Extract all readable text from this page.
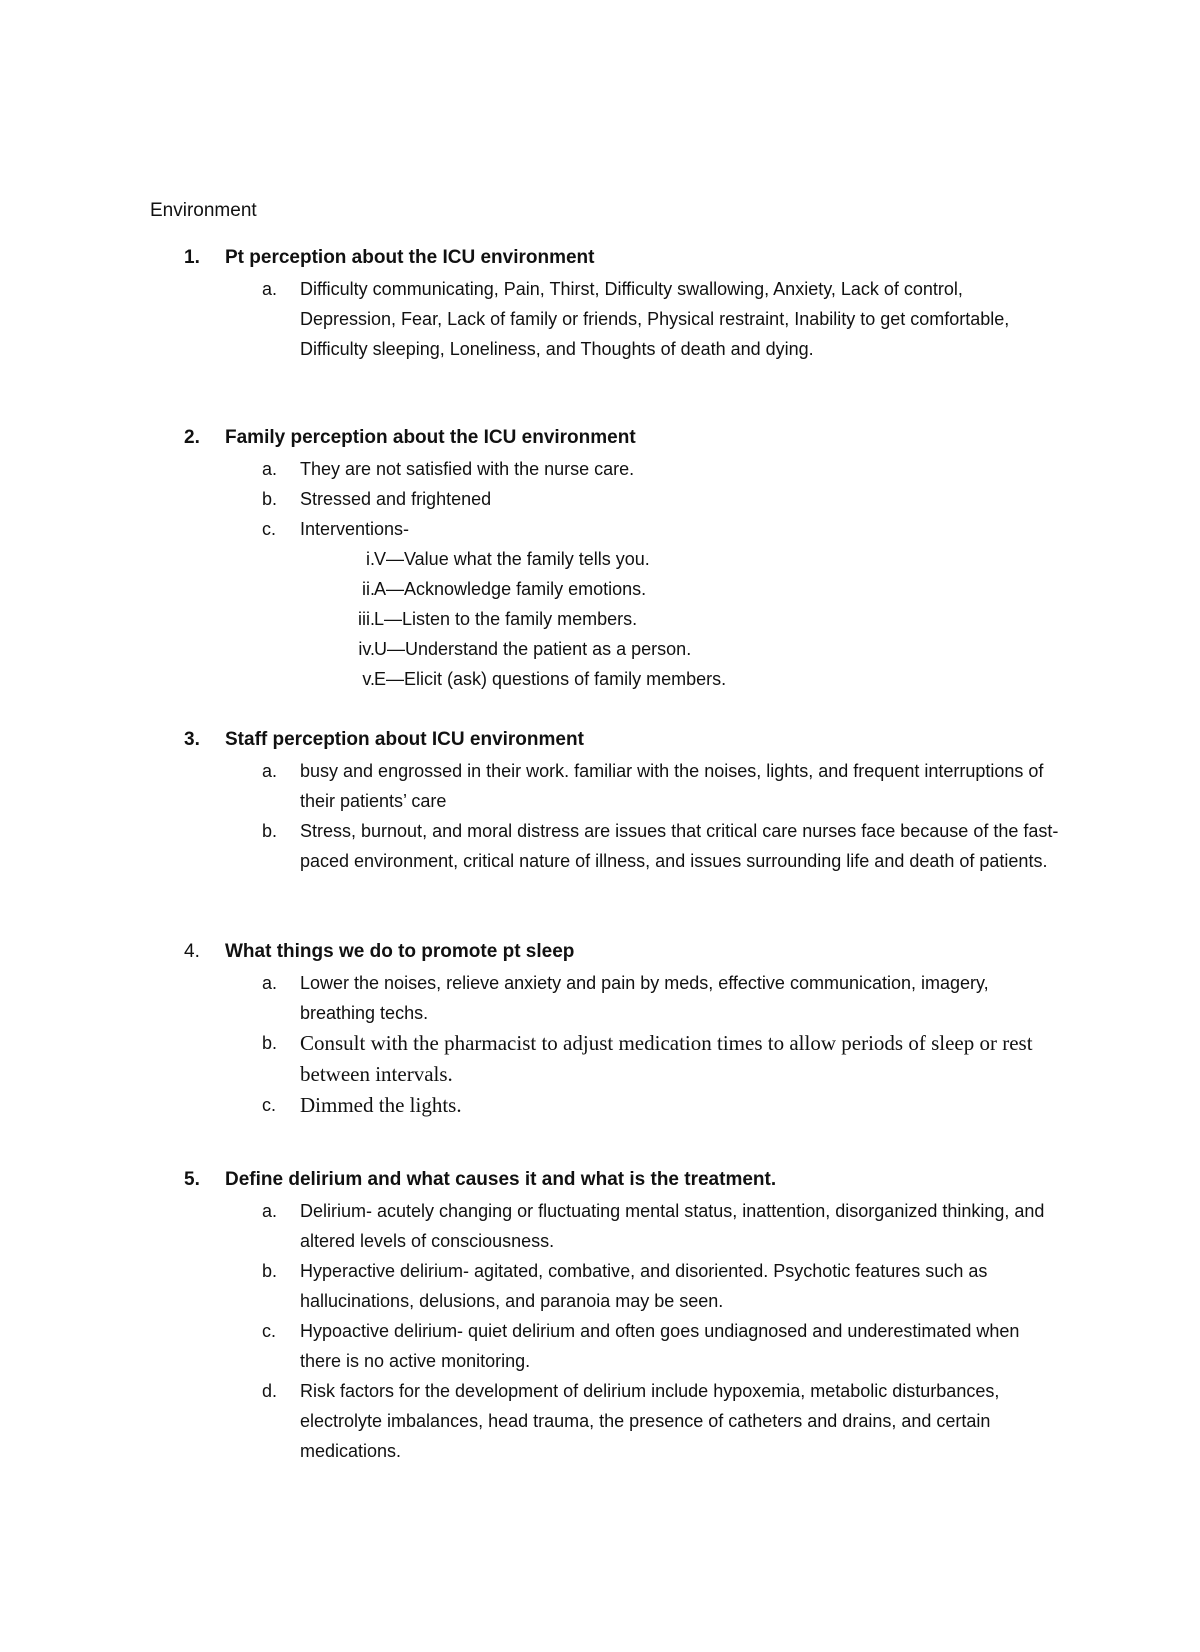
Environment
1. Pt perception about the ICU environment
a. Difficulty communicating, Pain, Thirst, Difficulty swallowing, Anxiety, Lack of control, Depression, Fear, Lack of family or friends, Physical restraint, Inability to get comfortable, Difficulty sleeping, Loneliness, and Thoughts of death and dying.
2. Family perception about the ICU environment
a. They are not satisfied with the nurse care.
b. Stressed and frightened
c. Interventions-
i. V—Value what the family tells you.
ii. A—Acknowledge family emotions.
iii. L—Listen to the family members.
iv. U—Understand the patient as a person.
v. E—Elicit (ask) questions of family members.
3. Staff perception about ICU environment
a. busy and engrossed in their work. familiar with the noises, lights, and frequent interruptions of their patients’ care
b. Stress, burnout, and moral distress are issues that critical care nurses face because of the fast-paced environment, critical nature of illness, and issues surrounding life and death of patients.
4. What things we do to promote pt sleep
a. Lower the noises, relieve anxiety and pain by meds, effective communication, imagery, breathing techs.
b. Consult with the pharmacist to adjust medication times to allow periods of sleep or rest between intervals.
c. Dimmed the lights.
5. Define delirium and what causes it and what is the treatment.
a. Delirium- acutely changing or fluctuating mental status, inattention, disorganized thinking, and altered levels of consciousness.
b. Hyperactive delirium- agitated, combative, and disoriented. Psychotic features such as hallucinations, delusions, and paranoia may be seen.
c. Hypoactive delirium- quiet delirium and often goes undiagnosed and underestimated when there is no active monitoring.
d. Risk factors for the development of delirium include hypoxemia, metabolic disturbances, electrolyte imbalances, head trauma, the presence of catheters and drains, and certain medications.
